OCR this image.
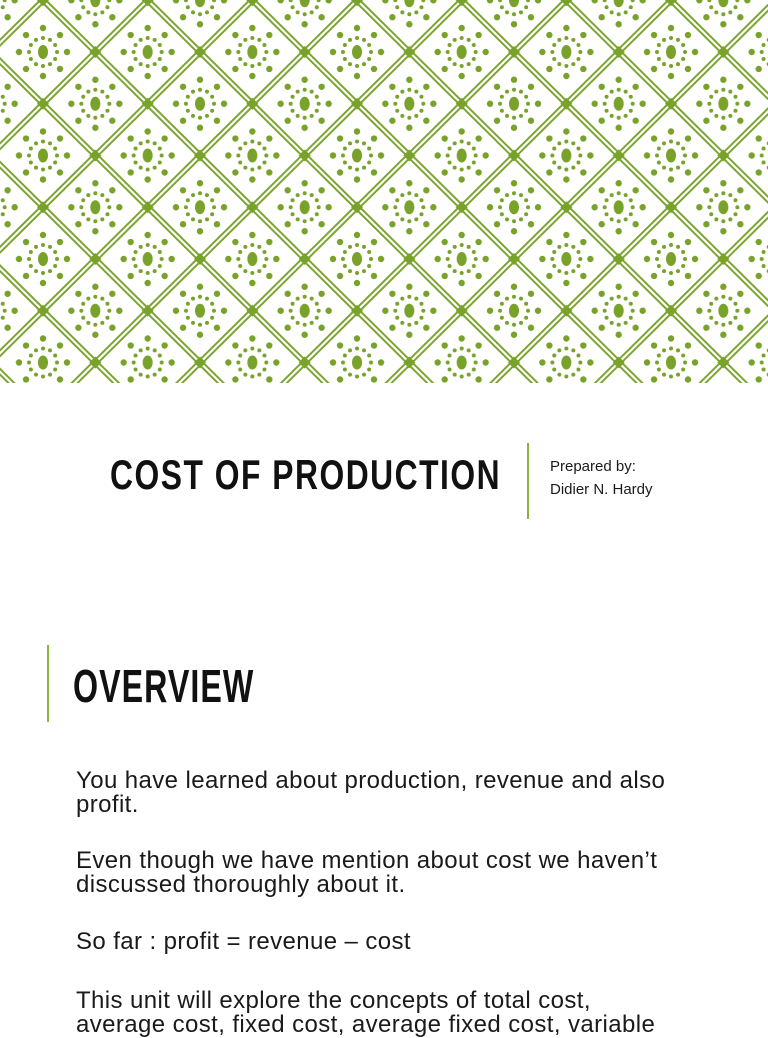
COST OF PRODUCTION	Prepared by:
Didier N. Hardy
OVERVIEW
You have learned about production, revenue and also
profit.
Even though we have mention about cost we haven’t
discussed thoroughly about it.
So far : profit = revenue – cost
This unit will explore the concepts of total cost,
average cost, fixed cost, average fixed cost, variable
